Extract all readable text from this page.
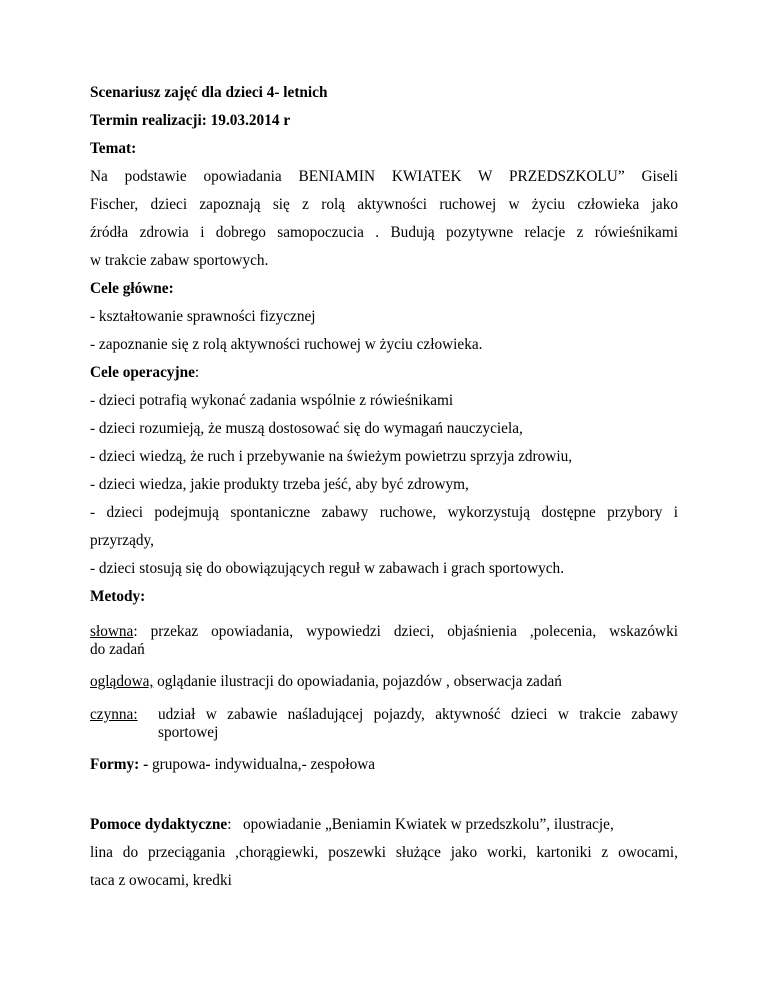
Scenariusz zajęć dla dzieci 4- letnich
Termin realizacji: 19.03.2014 r
Temat:
Na podstawie opowiadania BENIAMIN KWIATEK W PRZEDSZKOLU” Giseli
Fischer, dzieci zapoznają się z rolą aktywności ruchowej w życiu człowieka jako
źródła zdrowia i dobrego samopoczucia . Budują pozytywne relacje z rówieśnikami
w trakcie zabaw sportowych.
Cele główne:
- kształtowanie sprawności fizycznej
- zapoznanie się z rolą aktywności ruchowej w życiu człowieka.
Cele operacyjne:
- dzieci potrafią wykonać zadania wspólnie z rówieśnikami
- dzieci rozumieją, że muszą dostosować się do wymagań nauczyciela,
- dzieci wiedzą, że ruch i przebywanie na świeżym powietrzu sprzyja zdrowiu,
- dzieci wiedza, jakie produkty trzeba jeść, aby być zdrowym,
- dzieci podejmują spontaniczne zabawy ruchowe, wykorzystują dostępne przybory i
przyrządy,
- dzieci stosują się do obowiązujących reguł w zabawach i grach sportowych.
Metody:
słowna: przekaz opowiadania, wypowiedzi dzieci, objaśnienia ,polecenia, wskazówki
do zadań
oglądowa, oglądanie ilustracji do opowiadania, pojazdów , obserwacja zadań
czynna:	udział w zabawie naśladującej pojazdy, aktywność dzieci w trakcie zabawy
sportowej
Formy: - grupowa- indywidualna,- zespołowa
Pomoce dydaktyczne:   opowiadanie „Beniamin Kwiatek w przedszkolu”, ilustracje,
lina do przeciągania ,chorągiewki, poszewki służące jako worki, kartoniki z owocami,
taca z owocami, kredki
